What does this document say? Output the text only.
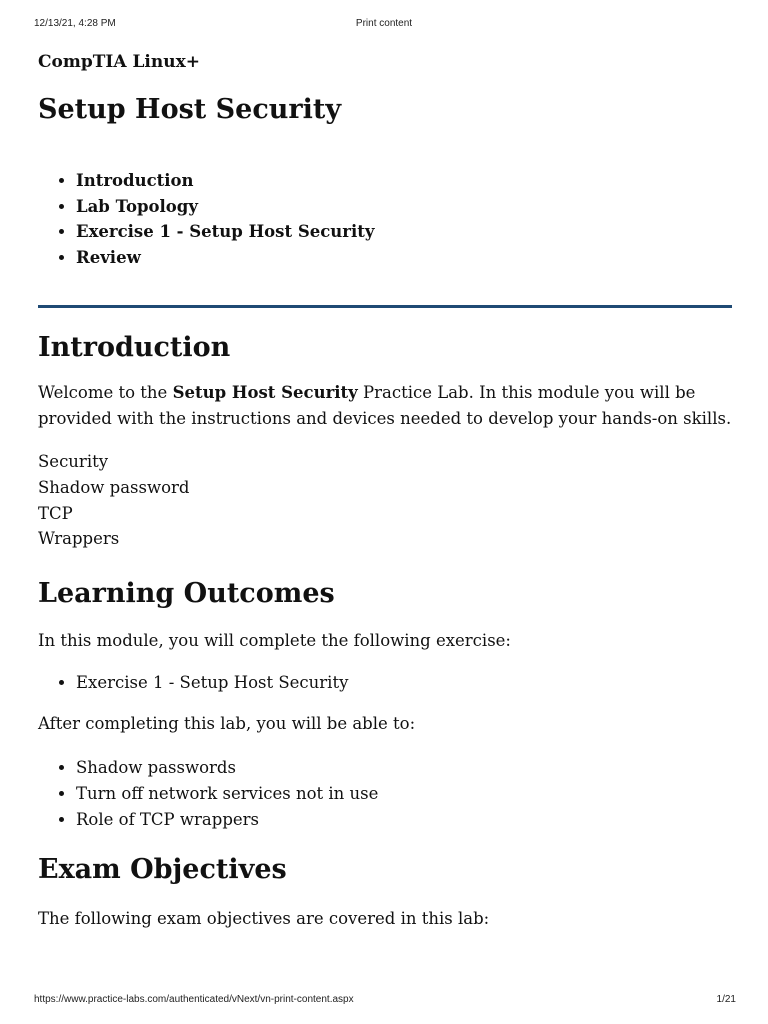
12/13/21, 4:28 PM	Print content
CompTIA Linux+
Setup Host Security
• Introduction
• Lab Topology
• Exercise 1 - Setup Host Security
• Review
Introduction

Welcome to the Setup Host Security Practice Lab. In this module you will be provided with the instructions and devices needed to develop your hands-on skills.

Security

Shadow password

TCP

Wrappers

Learning Outcomes

In this module, you will complete the following exercise:

• Exercise 1 - Setup Host Security

After completing this lab, you will be able to:

• Shadow passwords
• Turn off network services not in use
• Role of TCP wrappers
Exam Objectives

The following exam objectives are covered in this lab:

https://www.practice-labs.com/authenticated/vNext/vn-print-content.aspx	1/21
